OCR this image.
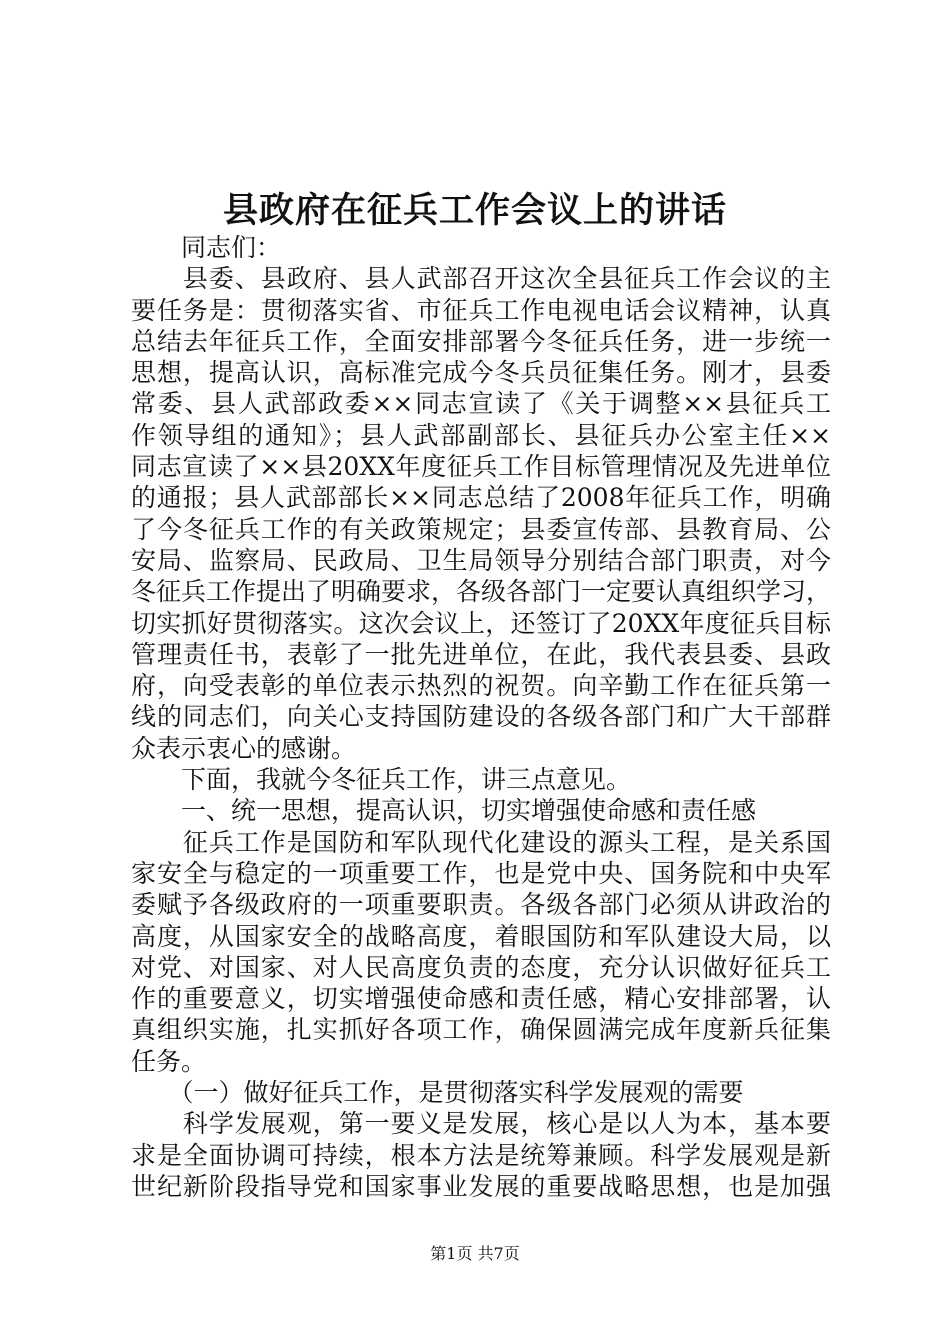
县政府在征兵工作会议上的讲话
　　同志们：
　　县委、县政府、县人武部召开这次全县征兵工作会议的主
要任务是：贯彻落实省、市征兵工作电视电话会议精神，认真
总结去年征兵工作，全面安排部署今冬征兵任务，进一步统一
思想，提高认识，高标准完成今冬兵员征集任务。刚才，县委
常委、县人武部政委××同志宣读了《关于调整××县征兵工
作领导组的通知》；县人武部副部长、县征兵办公室主任××
同志宣读了××县20XX年度征兵工作目标管理情况及先进单位
的通报；县人武部部长××同志总结了2008年征兵工作，明确
了今冬征兵工作的有关政策规定；县委宣传部、县教育局、公
安局、监察局、民政局、卫生局领导分别结合部门职责，对今
冬征兵工作提出了明确要求，各级各部门一定要认真组织学习，
切实抓好贯彻落实。这次会议上，还签订了20XX年度征兵目标
管理责任书，表彰了一批先进单位，在此，我代表县委、县政
府，向受表彰的单位表示热烈的祝贺。向辛勤工作在征兵第一
线的同志们，向关心支持国防建设的各级各部门和广大干部群
众表示衷心的感谢。
　　下面，我就今冬征兵工作，讲三点意见。
　　一、统一思想，提高认识，切实增强使命感和责任感
　　征兵工作是国防和军队现代化建设的源头工程，是关系国
家安全与稳定的一项重要工作，也是党中央、国务院和中央军
委赋予各级政府的一项重要职责。各级各部门必须从讲政治的
高度，从国家安全的战略高度，着眼国防和军队建设大局，以
对党、对国家、对人民高度负责的态度，充分认识做好征兵工
作的重要意义，切实增强使命感和责任感，精心安排部署，认
真组织实施，扎实抓好各项工作，确保圆满完成年度新兵征集
任务。
　　（一）做好征兵工作，是贯彻落实科学发展观的需要
　　科学发展观，第一要义是发展，核心是以人为本，基本要
求是全面协调可持续，根本方法是统筹兼顾。科学发展观是新
世纪新阶段指导党和国家事业发展的重要战略思想，也是加强
第1页 共7页
